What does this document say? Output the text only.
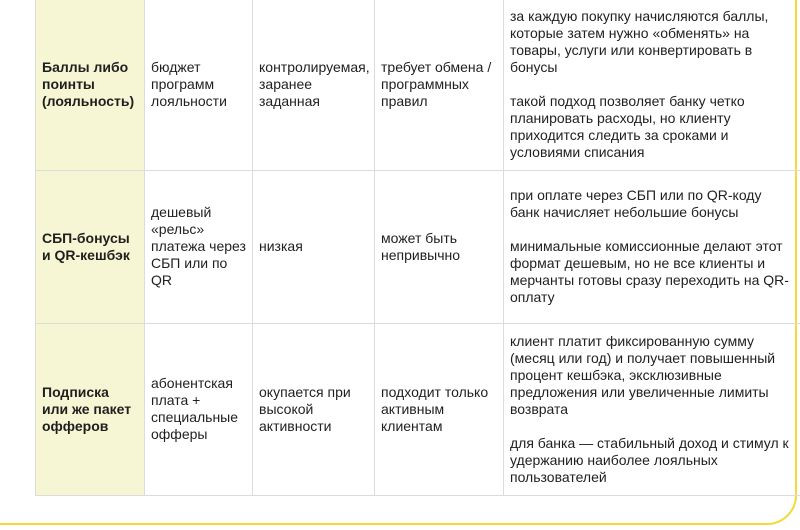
Баллы либо поинты (лояльность)	бюджет программ лояльности	контролируемая, заранее заданная	требует обмена / программных правил	за каждую покупку начисляются баллы, которые затем нужно «обменять» на товары, услуги или конвертировать в бонусы

такой подход позволяет банку четко планировать расходы, но клиенту приходится следить за сроками и условиями списания

СБП-бонусы и QR-кешбэк	дешевый «рельс» платежа через СБП или по QR	низкая	может быть непривычно	при оплате через СБП или по QR-коду банк начисляет небольшие бонусы

минимальные комиссионные делают этот формат дешевым, но не все клиенты и мерчанты готовы сразу переходить на QR-оплату

Подписка или же пакет офферов	абонентская плата + специальные офферы	окупается при высокой активности	подходит только активным клиентам	клиент платит фиксированную сумму (месяц или год) и получает повышенный процент кешбэка, эксклюзивные предложения или увеличенные лимиты возврата

для банка — стабильный доход и стимул к удержанию наиболее лояльных пользователей
